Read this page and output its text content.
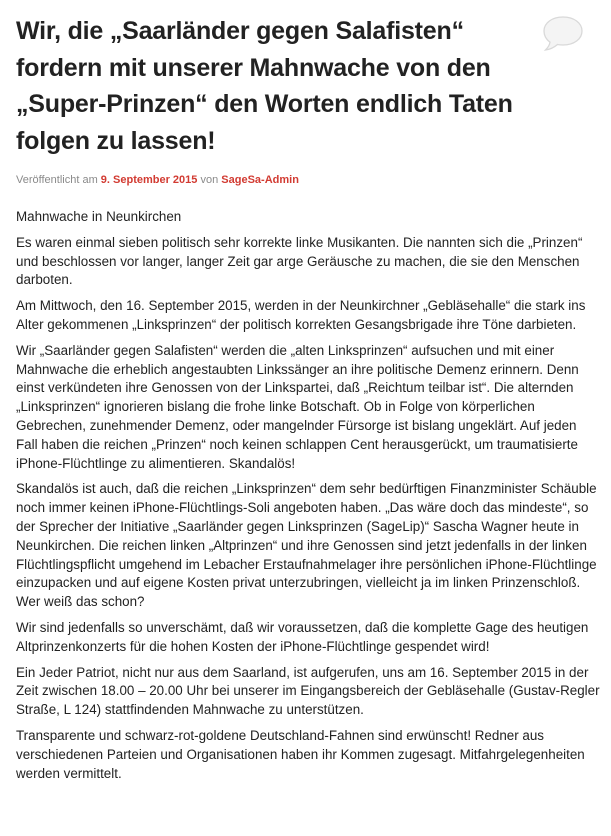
Wir, die „Saarländer gegen Salafisten“ fordern mit unserer Mahnwache von den „Super-Prinzen“ den Worten endlich Taten folgen zu lassen!
Veröffentlicht am 9. September 2015 von SageSa-Admin

Mahnwache in Neunkirchen

Es waren einmal sieben politisch sehr korrekte linke Musikanten. Die nannten sich die „Prinzen“ und beschlossen vor langer, langer Zeit gar arge Geräusche zu machen, die sie den Menschen darboten.

Am Mittwoch, den 16. September 2015, werden in der Neunkirchner „Gebläsehalle“ die stark ins Alter gekommenen „Linksprinzen“ der politisch korrekten Gesangsbrigade ihre Töne darbieten.

Wir „Saarländer gegen Salafisten“ werden die „alten Linksprinzen“ aufsuchen und mit einer Mahnwache die erheblich angestaubten Linkssänger an ihre politische Demenz erinnern. Denn einst verkündeten ihre Genossen von der Linkspartei, daß „Reichtum teilbar ist“. Die alternden „Linksprinzen“ ignorieren bislang die frohe linke Botschaft. Ob in Folge von körperlichen Gebrechen, zunehmender Demenz, oder mangelnder Fürsorge ist bislang ungeklärt. Auf jeden Fall haben die reichen „Prinzen“ noch keinen schlappen Cent herausgerückt, um traumatisierte iPhone-Flüchtlinge zu alimentieren. Skandalös!

Skandalös ist auch, daß die reichen „Linksprinzen“ dem sehr bedürftigen Finanzminister Schäuble noch immer keinen iPhone-Flüchtlings-Soli angeboten haben. „Das wäre doch das mindeste“, so der Sprecher der Initiative „Saarländer gegen Linksprinzen (SageLip)“ Sascha Wagner heute in Neunkirchen. Die reichen linken „Altprinzen“ und ihre Genossen sind jetzt jedenfalls in der linken Flüchtlingspflicht umgehend im Lebacher Erstaufnahmelager ihre persönlichen iPhone-Flüchtlinge einzupacken und auf eigene Kosten privat unterzubringen, vielleicht ja im linken Prinzenschloß. Wer weiß das schon?

Wir sind jedenfalls so unverschämt, daß wir voraussetzen, daß die komplette Gage des heutigen Altprinzenkonzerts für die hohen Kosten der iPhone-Flüchtlinge gespendet wird!

Ein Jeder Patriot, nicht nur aus dem Saarland, ist aufgerufen, uns am 16. September 2015 in der Zeit zwischen 18.00 – 20.00 Uhr bei unserer im Eingangsbereich der Gebläsehalle (Gustav-Regler Straße, L 124) stattfindenden Mahnwache zu unterstützen.

Transparente und schwarz-rot-goldene Deutschland-Fahnen sind erwünscht! Redner aus verschiedenen Parteien und Organisationen haben ihr Kommen zugesagt. Mitfahrgelegenheiten werden vermittelt.
